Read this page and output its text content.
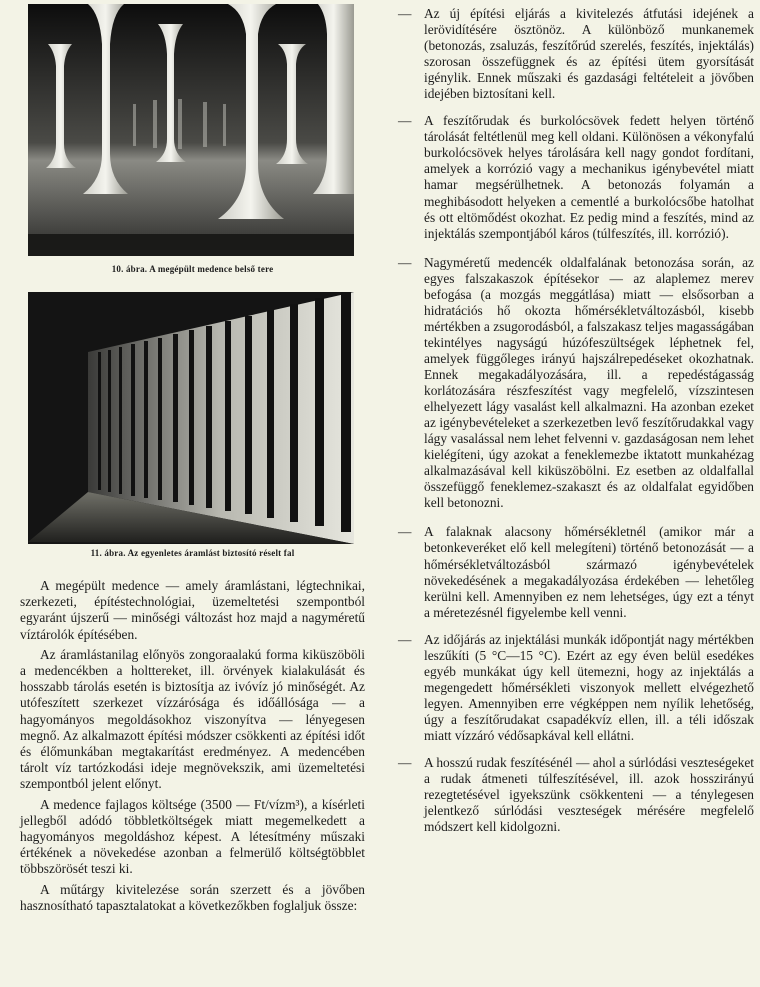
10. ábra. A megépült medence belső tere
11. ábra. Az egyenletes áramlást biztosító réselt fal

A megépült medence — amely áramlástani, légtechnikai, szerkezeti, építéstechnológiai, üzemeltetési szempontból egyaránt újszerű — minőségi változást hoz majd a nagyméretű víztárolók építésében.

Az áramlástanilag előnyös zongoraalakú forma kiküszöböli a medencékben a holttereket, ill. örvények kialakulását és hosszabb tárolás esetén is biztosítja az ivóvíz jó minőségét. Az utófeszített szerkezet vízzárósága és időállósága — a hagyományos megoldásokhoz viszonyítva — lényegesen megnő. Az alkalmazott építési módszer csökkenti az építési időt és élőmunkában megtakarítást eredményez. A medencében tárolt víz tartózkodási ideje megnövekszik, ami üzemeltetési szempontból jelent előnyt.

A medence fajlagos költsége (3500 — Ft/vízm³), a kísérleti jellegből adódó többletköltségek miatt megemelkedett a hagyományos megoldáshoz képest. A létesítmény műszaki értékének a növekedése azonban a felmerülő költségtöbblet többszörösét teszi ki.

A műtárgy kivitelezése során szerzett és a jövőben hasznosítható tapasztalatokat a következőkben foglaljuk össze:

— Az új építési eljárás a kivitelezés átfutási idejének a lerövidítésére ösztönöz. A különböző munkanemek (betonozás, zsaluzás, feszítőrúd szerelés, feszítés, injektálás) szorosan összefüggnek és az építési ütem gyorsítását igénylik. Ennek műszaki és gazdasági feltételeit a jövőben idejében biztosítani kell.
— A feszítőrudak és burkolócsövek fedett helyen történő tárolását feltétlenül meg kell oldani. Különösen a vékonyfalú burkolócsövek helyes tárolására kell nagy gondot fordítani, amelyek a korrózió vagy a mechanikus igénybevétel miatt hamar megsérülhetnek. A betonozás folyamán a meghibásodott helyeken a cementlé a burkolócsőbe hatolhat és ott eltömődést okozhat. Ez pedig mind a feszítés, mind az injektálás szempontjából káros (túlfeszítés, ill. korrózió).
— Nagyméretű medencék oldalfalának betonozása során, az egyes falszakaszok építésekor — az alaplemez merev befogása (a mozgás meggátlása) miatt — elsősorban a hidratációs hő okozta hőmérsékletváltozásból, kisebb mértékben a zsugorodásból, a falszakasz teljes magasságában tekintélyes nagyságú húzófeszültségek léphetnek fel, amelyek függőleges irányú hajszálrepedéseket okozhatnak. Ennek megakadályozására, ill. a repedéstágasság korlátozására részfeszítést vagy megfelelő, vízszintesen elhelyezett lágy vasalást kell alkalmazni. Ha azonban ezeket az igénybevételeket a szerkezetben levő feszítőrudakkal vagy lágy vasalással nem lehet felvenni v. gazdaságosan nem lehet kielégíteni, úgy azokat a feneklemezbe iktatott munkahézag alkalmazásával kell kiküszöbölni. Ez esetben az oldalfallal összefüggő feneklemez-szakaszt és az oldalfalat egyidőben kell betonozni.
— A falaknak alacsony hőmérsékletnél (amikor már a betonkeveréket elő kell melegíteni) történő betonozását — a hőmérsékletváltozásból származó igénybevételek növekedésének a megakadályozása érdekében — lehetőleg kerülni kell. Amennyiben ez nem lehetséges, úgy ezt a tényt a méretezésnél figyelembe kell venni.
— Az időjárás az injektálási munkák időpontját nagy mértékben leszűkíti (5 °C—15 °C). Ezért az egy éven belül esedékes egyéb munkákat úgy kell ütemezni, hogy az injektálás a megengedett hőmérsékleti viszonyok mellett elvégezhető legyen. Amennyiben erre végképpen nem nyílik lehetőség, úgy a feszítőrudakat csapadékvíz ellen, ill. a téli időszak miatt vízzáró védősapkával kell ellátni.
— A hosszú rudak feszítésénél — ahol a súrlódási veszteségeket a rudak átmeneti túlfeszítésével, ill. azok hosszirányú rezegtetésével igyekszünk csökkenteni — a ténylegesen jelentkező súrlódási veszteségek mérésére megfelelő módszert kell kidolgozni.
